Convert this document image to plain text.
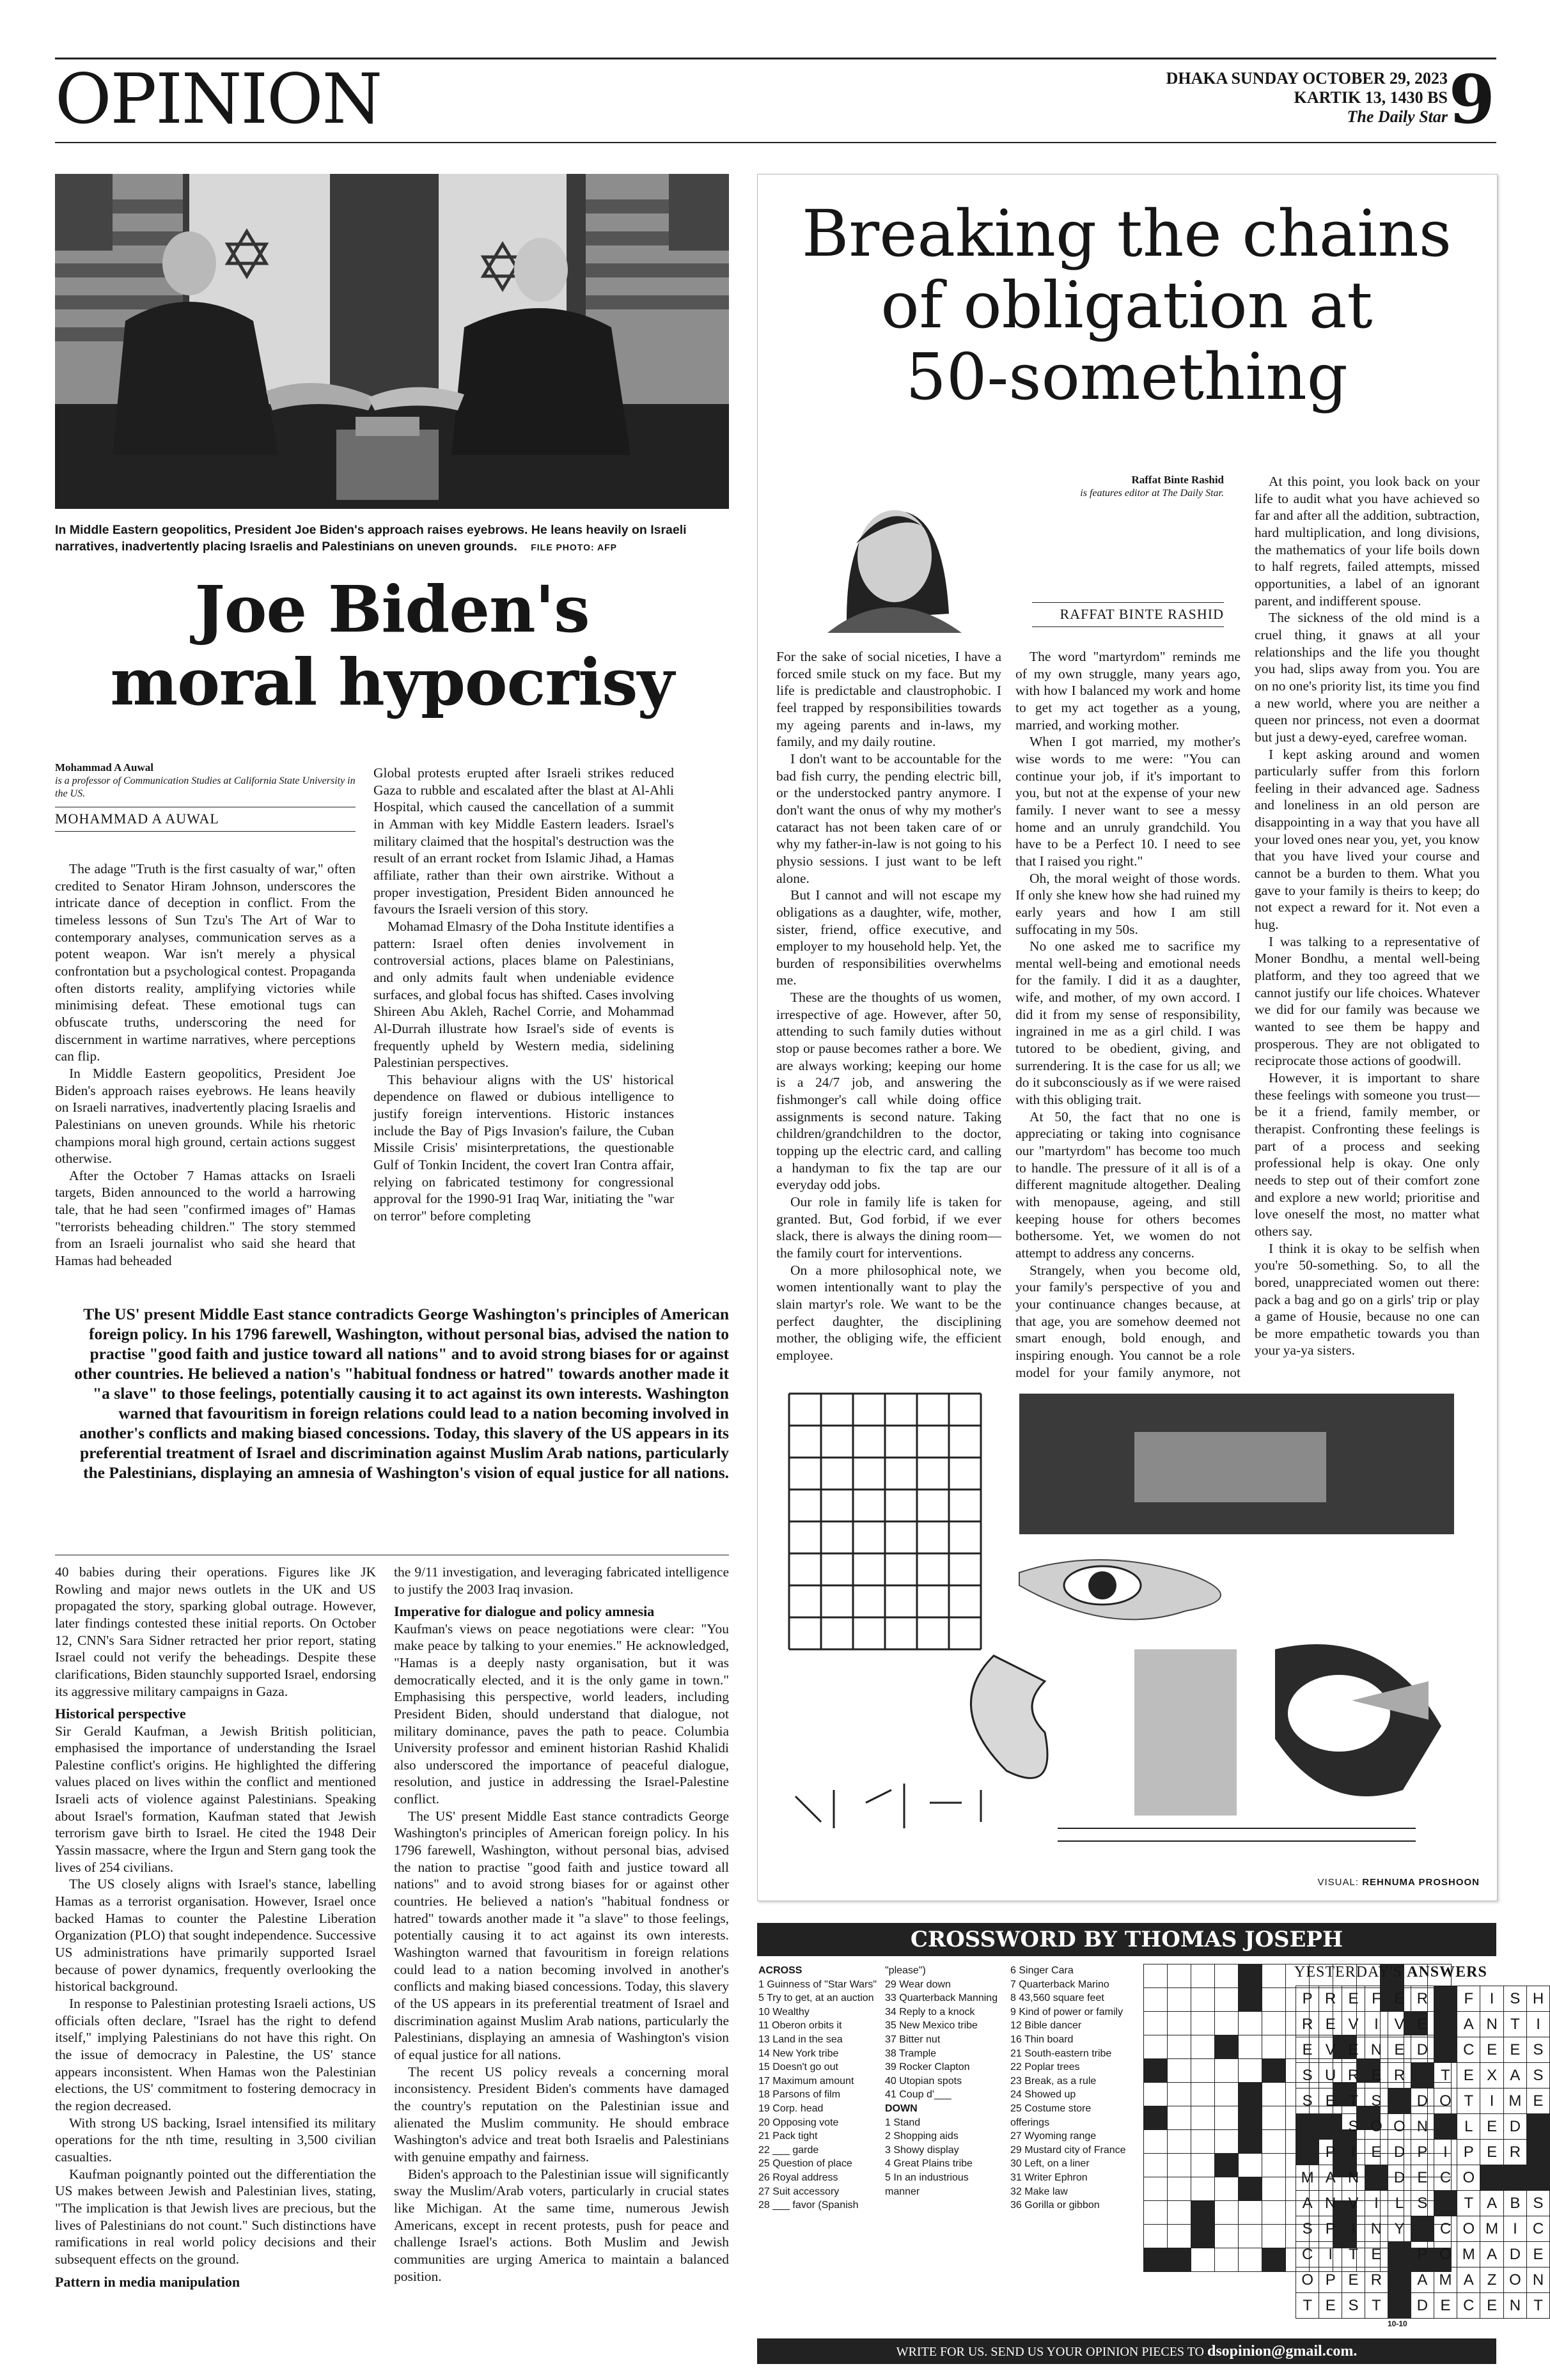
OPINION	DHAKA SUNDAY OCTOBER 29, 2023
KARTIK 13, 1430 BS
The Daily Star 9
In Middle Eastern geopolitics, President Joe Biden's approach raises eyebrows. He leans heavily on Israeli narratives, inadvertently placing Israelis and Palestinians on uneven grounds. FILE PHOTO: AFP
Joe Biden's
moral hypocrisy
Mohammad A Auwal
is a professor of Communication Studies at California State University in the US.
MOHAMMAD A AUWAL

The adage "Truth is the first casualty of war," often credited to Senator Hiram Johnson, underscores the intricate dance of deception in conflict. From the timeless lessons of Sun Tzu's The Art of War to contemporary analyses, communication serves as a potent weapon. War isn't merely a physical confrontation but a psychological contest. Propaganda often distorts reality, amplifying victories while minimising defeat. These emotional tugs can obfuscate truths, underscoring the need for discernment in wartime narratives, where perceptions can flip.

In Middle Eastern geopolitics, President Joe Biden's approach raises eyebrows. He leans heavily on Israeli narratives, inadvertently placing Israelis and Palestinians on uneven grounds. While his rhetoric champions moral high ground, certain actions suggest otherwise.

After the October 7 Hamas attacks on Israeli targets, Biden announced to the world a harrowing tale, that he had seen "confirmed images of" Hamas "terrorists beheading children." The story stemmed from an Israeli journalist who said she heard that Hamas had beheaded

Global protests erupted after Israeli strikes reduced Gaza to rubble and escalated after the blast at Al-Ahli Hospital, which caused the cancellation of a summit in Amman with key Middle Eastern leaders. Israel's military claimed that the hospital's destruction was the result of an errant rocket from Islamic Jihad, a Hamas affiliate, rather than their own airstrike. Without a proper investigation, President Biden announced he favours the Israeli version of this story.

Mohamad Elmasry of the Doha Institute identifies a pattern: Israel often denies involvement in controversial actions, places blame on Palestinians, and only admits fault when undeniable evidence surfaces, and global focus has shifted. Cases involving Shireen Abu Akleh, Rachel Corrie, and Mohammad Al-Durrah illustrate how Israel's side of events is frequently upheld by Western media, sidelining Palestinian perspectives.

This behaviour aligns with the US' historical dependence on flawed or dubious intelligence to justify foreign interventions. Historic instances include the Bay of Pigs Invasion's failure, the Cuban Missile Crisis' misinterpretations, the questionable Gulf of Tonkin Incident, the covert Iran Contra affair, relying on fabricated testimony for congressional approval for the 1990-91 Iraq War, initiating the "war on terror" before completing

The US' present Middle East stance contradicts George Washington's principles of American foreign policy. In his 1796 farewell, Washington, without personal bias, advised the nation to practise "good faith and justice toward all nations" and to avoid strong biases for or against other countries. He believed a nation's "habitual fondness or hatred" towards another made it "a slave" to those feelings, potentially causing it to act against its own interests. Washington warned that favouritism in foreign relations could lead to a nation becoming involved in another's conflicts and making biased concessions. Today, this slavery of the US appears in its preferential treatment of Israel and discrimination against Muslim Arab nations, particularly the Palestinians, displaying an amnesia of Washington's vision of equal justice for all nations.

40 babies during their operations. Figures like JK Rowling and major news outlets in the UK and US propagated the story, sparking global outrage. However, later findings contested these initial reports. On October 12, CNN's Sara Sidner retracted her prior report, stating Israel could not verify the beheadings. Despite these clarifications, Biden staunchly supported Israel, endorsing its aggressive military campaigns in Gaza.

Historical perspective

Sir Gerald Kaufman, a Jewish British politician, emphasised the importance of understanding the Israel Palestine conflict's origins. He highlighted the differing values placed on lives within the conflict and mentioned Israeli acts of violence against Palestinians. Speaking about Israel's formation, Kaufman stated that Jewish terrorism gave birth to Israel. He cited the 1948 Deir Yassin massacre, where the Irgun and Stern gang took the lives of 254 civilians.

The US closely aligns with Israel's stance, labelling Hamas as a terrorist organisation. However, Israel once backed Hamas to counter the Palestine Liberation Organization (PLO) that sought independence. Successive US administrations have primarily supported Israel because of power dynamics, frequently overlooking the historical background.

In response to Palestinian protesting Israeli actions, US officials often declare, "Israel has the right to defend itself," implying Palestinians do not have this right. On the issue of democracy in Palestine, the US' stance appears inconsistent. When Hamas won the Palestinian elections, the US' commitment to fostering democracy in the region decreased.

With strong US backing, Israel intensified its military operations for the nth time, resulting in 3,500 civilian casualties.

Kaufman poignantly pointed out the differentiation the US makes between Jewish and Palestinian lives, stating, "The implication is that Jewish lives are precious, but the lives of Palestinians do not count." Such distinctions have ramifications in real world policy decisions and their subsequent effects on the ground.

Pattern in media manipulation

the 9/11 investigation, and leveraging fabricated intelligence to justify the 2003 Iraq invasion.

Imperative for dialogue and policy amnesia

Kaufman's views on peace negotiations were clear: "You make peace by talking to your enemies." He acknowledged, "Hamas is a deeply nasty organisation, but it was democratically elected, and it is the only game in town." Emphasising this perspective, world leaders, including President Biden, should understand that dialogue, not military dominance, paves the path to peace. Columbia University professor and eminent historian Rashid Khalidi also underscored the importance of peaceful dialogue, resolution, and justice in addressing the Israel-Palestine conflict.

The US' present Middle East stance contradicts George Washington's principles of American foreign policy. In his 1796 farewell, Washington, without personal bias, advised the nation to practise "good faith and justice toward all nations" and to avoid strong biases for or against other countries. He believed a nation's "habitual fondness or hatred" towards another made it "a slave" to those feelings, potentially causing it to act against its own interests. Washington warned that favouritism in foreign relations could lead to a nation becoming involved in another's conflicts and making biased concessions. Today, this slavery of the US appears in its preferential treatment of Israel and discrimination against Muslim Arab nations, particularly the Palestinians, displaying an amnesia of Washington's vision of equal justice for all nations.

The recent US policy reveals a concerning moral inconsistency. President Biden's comments have damaged the country's reputation on the Palestinian issue and alienated the Muslim community. He should embrace Washington's advice and treat both Israelis and Palestinians with genuine empathy and fairness.

Biden's approach to the Palestinian issue will significantly sway the Muslim/Arab voters, particularly in crucial states like Michigan. At the same time, numerous Jewish Americans, except in recent protests, push for peace and challenge Israel's actions. Both Muslim and Jewish communities are urging America to maintain a balanced position.

Breaking the chains
of obligation at
50-something
Raffat Binte Rashid
is features editor at The Daily Star.
RAFFAT BINTE RASHID

For the sake of social niceties, I have a forced smile stuck on my face. But my life is predictable and claustrophobic. I feel trapped by responsibilities towards my ageing parents and in-laws, my family, and my daily routine.

I don't want to be accountable for the bad fish curry, the pending electric bill, or the understocked pantry anymore. I don't want the onus of why my mother's cataract has not been taken care of or why my father-in-law is not going to his physio sessions. I just want to be left alone.

But I cannot and will not escape my obligations as a daughter, wife, mother, sister, friend, office executive, and employer to my household help. Yet, the burden of responsibilities overwhelms me.

These are the thoughts of us women, irrespective of age. However, after 50, attending to such family duties without stop or pause becomes rather a bore. We are always working; keeping our home is a 24/7 job, and answering the fishmonger's call while doing office assignments is second nature. Taking children/grandchildren to the doctor, topping up the electric card, and calling a handyman to fix the tap are our everyday odd jobs.

Our role in family life is taken for granted. But, God forbid, if we ever slack, there is always the dining room—the family court for interventions.

On a more philosophical note, we women intentionally want to play the slain martyr's role. We want to be the perfect daughter, the disciplining mother, the obliging wife, the efficient employee.

The word "martyrdom" reminds me of my own struggle, many years ago, with how I balanced my work and home to get my act together as a young, married, and working mother.

When I got married, my mother's wise words to me were: "You can continue your job, if it's important to you, but not at the expense of your new family. I never want to see a messy home and an unruly grandchild. You have to be a Perfect 10. I need to see that I raised you right."

Oh, the moral weight of those words. If only she knew how she had ruined my early years and how I am still suffocating in my 50s.

No one asked me to sacrifice my mental well-being and emotional needs for the family. I did it as a daughter, wife, and mother, of my own accord. I did it from my sense of responsibility, ingrained in me as a girl child. I was tutored to be obedient, giving, and surrendering. It is the case for us all; we do it subconsciously as if we were raised with this obliging trait.

At 50, the fact that no one is appreciating or taking into cognisance our "martyrdom" has become too much to handle. The pressure of it all is of a different magnitude altogether. Dealing with menopause, ageing, and still keeping house for others becomes bothersome. Yet, we women do not attempt to address any concerns.

Strangely, when you become old, your family's perspective of you and your continuance changes because, at that age, you are somehow deemed not smart enough, bold enough, and inspiring enough. You cannot be a role model for your family anymore, not

At this point, you look back on your life to audit what you have achieved so far and after all the addition, subtraction, hard multiplication, and long divisions, the mathematics of your life boils down to half regrets, failed attempts, missed opportunities, a label of an ignorant parent, and indifferent spouse.

The sickness of the old mind is a cruel thing, it gnaws at all your relationships and the life you thought you had, slips away from you. You are on no one's priority list, its time you find a new world, where you are neither a queen nor princess, not even a doormat but just a dewy-eyed, carefree woman.

I kept asking around and women particularly suffer from this forlorn feeling in their advanced age. Sadness and loneliness in an old person are disappointing in a way that you have all your loved ones near you, yet, you know that you have lived your course and cannot be a burden to them. What you gave to your family is theirs to keep; do not expect a reward for it. Not even a hug.

I was talking to a representative of Moner Bondhu, a mental well-being platform, and they too agreed that we cannot justify our life choices. Whatever we did for our family was because we wanted to see them be happy and prosperous. They are not obligated to reciprocate those actions of goodwill.

However, it is important to share these feelings with someone you trust—be it a friend, family member, or therapist. Confronting these feelings is part of a process and seeking professional help is okay. One only needs to step out of their comfort zone and explore a new world; prioritise and love oneself the most, no matter what others say.

I think it is okay to be selfish when you're 50-something. So, to all the bored, unappreciated women out there: pack a bag and go on a girls' trip or play a game of Housie, because no one can be more empathetic towards you than your ya-ya sisters.

VISUAL: REHNUMA PROSHOON
CROSSWORD BY THOMAS JOSEPH
ACROSS
1 Guinness of "Star Wars"
5 Try to get, at an auction
10 Wealthy
11 Oberon orbits it
13 Land in the sea
14 New York tribe
15 Doesn't go out
17 Maximum amount
18 Parsons of film
19 Corp. head
20 Opposing vote
21 Pack tight
22 ___ garde
25 Question of place
26 Royal address
27 Suit accessory
28 ___ favor (Spanish
"please")
29 Wear down
33 Quarterback Manning
34 Reply to a knock
35 New Mexico tribe
37 Bitter nut
38 Trample
39 Rocker Clapton
40 Utopian spots
41 Coup d'___
DOWN
1 Stand
2 Shopping aids
3 Showy display
4 Great Plains tribe
5 In an industrious
manner
6 Singer Cara
7 Quarterback Marino
8 43,560 square feet
9 Kind of power or family
12 Bible dancer
16 Thin board
21 South-eastern tribe
22 Poplar trees
23 Break, as a rule
24 Showed up
25 Costume store
offerings
27 Wyoming range
29 Mustard city of France
30 Left, on a liner
31 Writer Ephron
32 Make law
36 Gorilla or gibbon

10-10
YESTERDAY'S ANSWERS
P	R	E	F	E	R		F	I	S	H
R	E	V	I	V	E		A	N	T	I
E	V	E	N	E	D		C	E	E	S
S	U	R	E	R		T	E	X	A	S
S	E	T	S		D	O	T	I	M	E
		S	O	O	N		L	E	D	
	P	I	E	D	P	I	P	E	R	
M	A	N		D	E	C	O			
A	N	V	I	L	S		T	A	B	S
S	P	I	N	Y		C	O	M	I	C
C	I	T	E		P	O	M	A	D	E
O	P	E	R		A	M	A	Z	O	N
T	E	S	T		D	E	C	E	N	T
WRITE FOR US. SEND US YOUR OPINION PIECES TO dsopinion@gmail.com.
